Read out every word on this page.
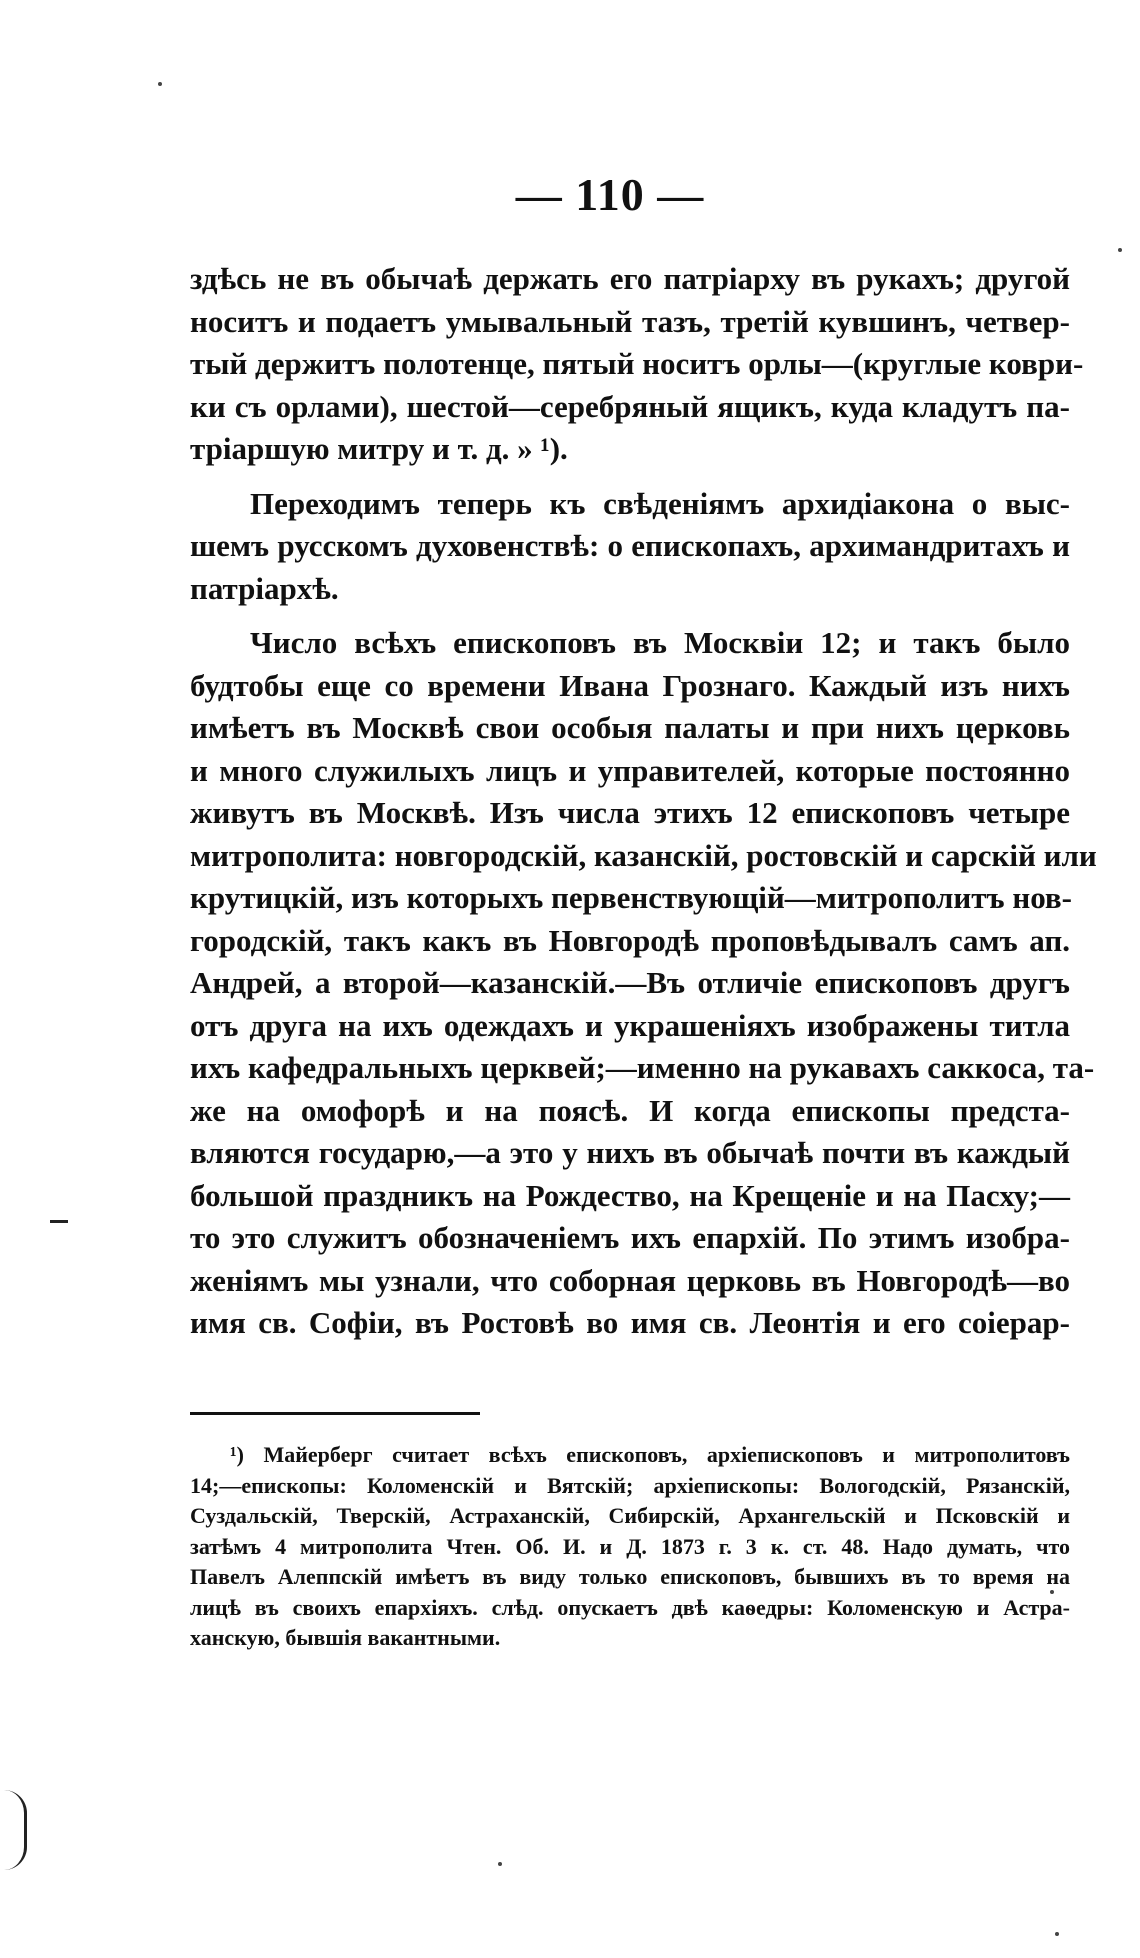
— 110 —
здѣсь не въ обычаѣ держать его патріарху въ рукахъ; другой
носитъ и подаетъ умывальный тазъ, третій кувшинъ, четвер-
тый держитъ полотенце, пятый носитъ орлы—(круглые коври-
ки съ орлами), шестой—серебряный ящикъ, куда кладутъ па-
тріаршую митру и т. д. » ¹).
Переходимъ теперь къ свѣденіямъ архидіакона о выс-
шемъ русскомъ духовенствѣ: о епископахъ, архимандритахъ и
патріархѣ.
Число всѣхъ епископовъ въ Москвіи 12; и такъ было
будтобы еще со времени Ивана Грознаго. Каждый изъ нихъ
имѣетъ въ Москвѣ свои особыя палаты и при нихъ церковь
и много служилыхъ лицъ и управителей, которые постоянно
живутъ въ Москвѣ. Изъ числа этихъ 12 епископовъ четыре
митрополита: новгородскій, казанскій, ростовскій и сарскій или
крутицкій, изъ которыхъ первенствующій—митрополитъ нов-
городскій, такъ какъ въ Новгородѣ проповѣдывалъ самъ ап.
Андрей, а второй—казанскій.—Въ отличіе епископовъ другъ
отъ друга на ихъ одеждахъ и украшеніяхъ изображены титла
ихъ кафедральныхъ церквей;—именно на рукавахъ саккоса, та-
же на омофорѣ и на поясѣ. И когда епископы предста-
вляются государю,—а это у нихъ въ обычаѣ почти въ каждый
большой праздникъ на Рождество, на Крещеніе и на Пасху;—
то это служитъ обозначеніемъ ихъ епархій. По этимъ изобра-
женіямъ мы узнали, что соборная церковь въ Новгородѣ—во
имя св. Софіи, въ Ростовѣ во имя св. Леонтія и его соіерар-
¹) Майерберг считает всѣхъ епископовъ, архіепископовъ и митрополитовъ
14;—епископы: Коломенскій и Вятскій; архіепископы: Вологодскій, Рязанскій,
Суздальскій, Тверскій, Астраханскій, Сибирскій, Архангельскій и Псковскій и
затѣмъ 4 митрополита Чтен. Об. И. и Д. 1873 г. 3 к. ст. 48. Надо думать, что
Павелъ Алеппскій имѣетъ въ виду только епископовъ, бывшихъ въ то время на
лицѣ въ своихъ епархіяхъ. слѣд. опускаетъ двѣ каѳедры: Коломенскую и Астра-
ханскую, бывшія вакантными.
